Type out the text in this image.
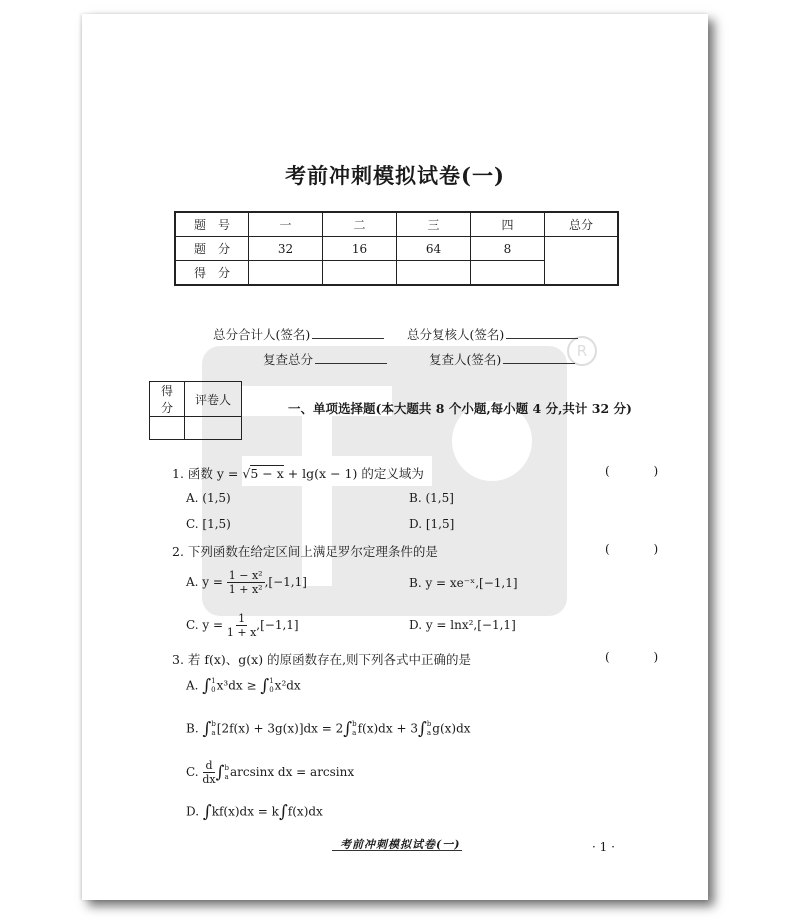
R
考前冲刺模拟试卷(一)
题　号	一	二	三	四	总分
题　分	32	16	64	8	
得　分					
总分合计人(签名)	总分复核人(签名)
复查总分	复查人(签名)
得分	评卷人

一、单项选择题(本大题共 8 个小题,每小题 4 分,共计 32 分)
1. 函数 y = √5 − x + lg(x − 1) 的定义域为	( )
A. (1,5)	B. (1,5]
C. [1,5)	D. [1,5]
2. 下列函数在给定区间上满足罗尔定理条件的是	( )
A. $y = \frac{\text{1 − x²}}{\text{1 + x²}} ,[-1,1]$	B. y = xe⁻ˣ,[−1,1]
C. $y = \frac{1}{1 + x} ,[-1,1]$	D. y = lnx²,[−1,1]
3. 若 f(x)、g(x) 的原函数存在,则下列各式中正确的是	( )
A. ∫ 1
0 x³dx ≥ ∫ 1
0 x²dx
B. ∫ b
a [2f(x) + 3g(x)]dx = 2∫ b
a f(x)dx + 3∫ b
a g(x)dx
C. $\frac{d}{dx}$ ∫ b
a arcsinx dx = arcsinx
D. ∫kf(x)dx = k∫f(x)dx
考前冲刺模拟试卷(一)	· 1 ·
